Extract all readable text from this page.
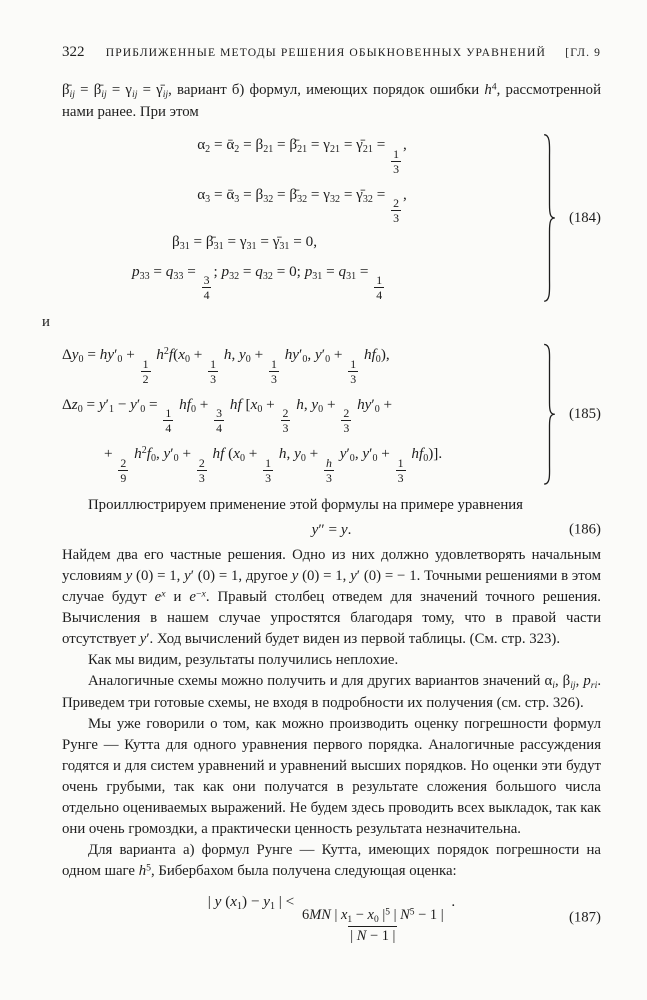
322	ПРИБЛИЖЕННЫЕ МЕТОДЫ РЕШЕНИЯ ОБЫКНОВЕННЫХ УРАВНЕНИЙ	[ГЛ. 9

$\betā_{ij}$ = $\betā_{ij} = \gamma_{ij}$ = $\gammā_{ij}$, вариант б) формул, имеющих порядок ошибки $h^4$, рассмотренной нами ранее. При этом

$\alpha_2$ = ᾱ$_2$ = $\beta_{21}$ = $\betā_{21} = \gamma_{21}$ = $\gammā_{21}$ =
$\frac{1}{3}$
,
$\alpha_3$ = ᾱ$_3$ = $\beta_{32}$ = $\betā_{32} = \gamma_{32}$ = $\gammā_{32}$ =
$\frac{2}{3}$
,
$\beta_{31}$ = $\betā_{31} = \gamma_{31}$ = $\gammā_{31} = 0$,
$p_{33} = q_{33}$ =
$\frac{3}{4}$
; $p_{32} = q_{32} = 0$; $p_{31} = q_{31}$ =
$\frac{1}{4}$
(184)
и
$\Delta y_0 = hy'_0$ +
$\frac{1}{2}$
$h^2f(x_0$ +
$\frac{1}{3}$
h, $y_0$ +
$\frac{1}{3}$
$hy'_0$, $y'_0$ +
$\frac{1}{3}$
$hf_0$),
$\Delta z_0 = y'_1 - y'_0$ =
$\frac{1}{4}$
$hf_0$ +
$\frac{3}{4}$
hf [$x_0$ +
$\frac{2}{3}$
h, $y_0$ +
$\frac{2}{3}$
$hy'_0$ +
+
$\frac{2}{9}$
$h^2f_0$, $y'_0$ +
$\frac{2}{3}$
hf ($x_0$ +
$\frac{1}{3}$
h, $y_0$ +
$\frac{h}{3}$
$y'_0$, $y'_0$ +
$\frac{1}{3}$
$hf_0$)].
(185)

Проиллюстрируем применение этой формулы на примере уравнения

y″ = y.	(186)

Найдем два его частные решения. Одно из них должно удовлетворять начальным условиям y (0) = 1, y′ (0) = 1, другое y (0) = 1, y′ (0) = − 1. Точными решениями в этом случае будут $e^x$ и $e^{-x}$. Правый столбец отведем для значений точного решения. Вычисления в нашем случае упростятся благодаря тому, что в правой части отсутствует y′. Ход вычислений будет виден из первой таблицы. (См. стр. 323).

Как мы видим, результаты получились неплохие.

Аналогичные схемы можно получить и для других вариантов значений $\alpha_i$, $\beta_{ij}$, $p_{ri}$. Приведем три готовые схемы, не входя в подробности их получения (см. стр. 326).

Мы уже говорили о том, как можно производить оценку погрешности формул Рунге — Кутта для одного уравнения первого порядка. Аналогичные рассуждения годятся и для систем уравнений и уравнений высших порядков. Но оценки эти будут очень грубыми, так как они получатся в результате сложения большого числа отдельно оцениваемых выражений. Не будем здесь проводить всех выкладок, так как они очень громоздки, а практически ценность результата незначительна.

Для варианта а) формул Рунге — Кутта, имеющих порядок погрешности на одном шаге $h^5$, Бибербахом была получена следующая оценка:

| y $(x_1) - y_1$ | <
$\frac{6MN | x_1 - x_0 |^5 | N^5 - 1 |}{| N - 1 |}$
.
(187)
